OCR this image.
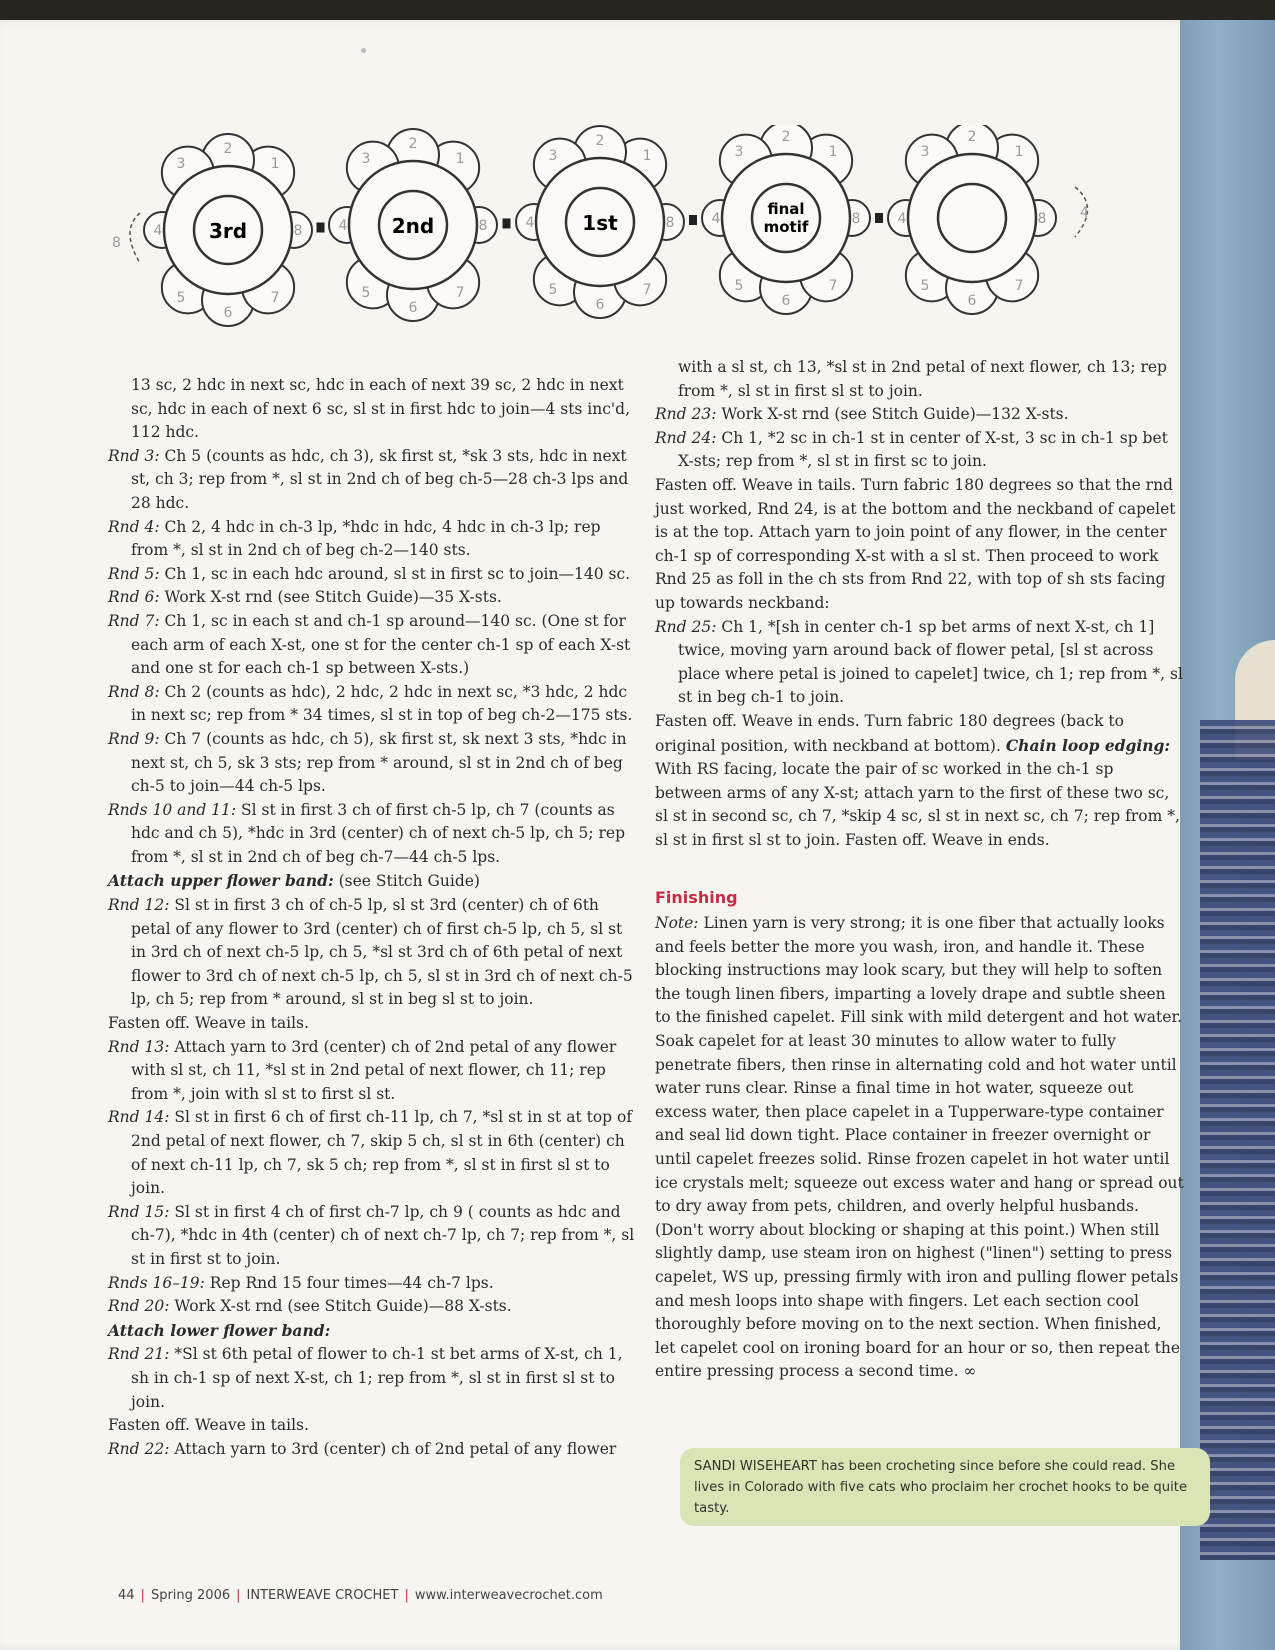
1
2
3
4
5
6
7
8
3rd
1
2
3
4
5
6
7
8
2nd
1
2
3
4
5
6
7
8
1st
1
2
3
4
5
6
7
8
final
motif
1
2
3
4
5
6
7
8
8
4

13 sc, 2 hdc in next sc, hdc in each of next 39 sc, 2 hdc in next sc, hdc in each of next 6 sc, sl st in first hdc to join—4 sts inc'd, 112 hdc.

Rnd 3: Ch 5 (counts as hdc, ch 3), sk first st, *sk 3 sts, hdc in next st, ch 3; rep from *, sl st in 2nd ch of beg ch-5—28 ch-3 lps and 28 hdc.

Rnd 4: Ch 2, 4 hdc in ch-3 lp, *hdc in hdc, 4 hdc in ch-3 lp; rep from *, sl st in 2nd ch of beg ch-2—140 sts.

Rnd 5: Ch 1, sc in each hdc around, sl st in first sc to join—140 sc.

Rnd 6: Work X-st rnd (see Stitch Guide)—35 X-sts.

Rnd 7: Ch 1, sc in each st and ch-1 sp around—140 sc. (One st for each arm of each X-st, one st for the center ch-1 sp of each X-st and one st for each ch-1 sp between X-sts.)

Rnd 8: Ch 2 (counts as hdc), 2 hdc, 2 hdc in next sc, *3 hdc, 2 hdc in next sc; rep from * 34 times, sl st in top of beg ch-2—175 sts.

Rnd 9: Ch 7 (counts as hdc, ch 5), sk first st, sk next 3 sts, *hdc in next st, ch 5, sk 3 sts; rep from * around, sl st in 2nd ch of beg ch-5 to join—44 ch-5 lps.

Rnds 10 and 11: Sl st in first 3 ch of first ch-5 lp, ch 7 (counts as hdc and ch 5), *hdc in 3rd (center) ch of next ch-5 lp, ch 5; rep from *, sl st in 2nd ch of beg ch-7—44 ch-5 lps.

Attach upper flower band: (see Stitch Guide)

Rnd 12: Sl st in first 3 ch of ch-5 lp, sl st 3rd (center) ch of 6th petal of any flower to 3rd (center) ch of first ch-5 lp, ch 5, sl st in 3rd ch of next ch-5 lp, ch 5, *sl st 3rd ch of 6th petal of next flower to 3rd ch of next ch-5 lp, ch 5, sl st in 3rd ch of next ch-5 lp, ch 5; rep from * around, sl st in beg sl st to join.

Fasten off. Weave in tails.

Rnd 13: Attach yarn to 3rd (center) ch of 2nd petal of any flower with sl st, ch 11, *sl st in 2nd petal of next flower, ch 11; rep from *, join with sl st to first sl st.

Rnd 14: Sl st in first 6 ch of first ch-11 lp, ch 7, *sl st in st at top of 2nd petal of next flower, ch 7, skip 5 ch, sl st in 6th (center) ch of next ch-11 lp, ch 7, sk 5 ch; rep from *, sl st in first sl st to join.

Rnd 15: Sl st in first 4 ch of first ch-7 lp, ch 9 ( counts as hdc and ch-7), *hdc in 4th (center) ch of next ch-7 lp, ch 7; rep from *, sl st in first st to join.

Rnds 16–19: Rep Rnd 15 four times—44 ch-7 lps.

Rnd 20: Work X-st rnd (see Stitch Guide)—88 X-sts.

Attach lower flower band:

Rnd 21: *Sl st 6th petal of flower to ch-1 st bet arms of X-st, ch 1, sh in ch-1 sp of next X-st, ch 1; rep from *, sl st in first sl st to join.

Fasten off. Weave in tails.

Rnd 22: Attach yarn to 3rd (center) ch of 2nd petal of any flower

with a sl st, ch 13, *sl st in 2nd petal of next flower, ch 13; rep from *, sl st in first sl st to join.

Rnd 23: Work X-st rnd (see Stitch Guide)—132 X-sts.

Rnd 24: Ch 1, *2 sc in ch-1 st in center of X-st, 3 sc in ch-1 sp bet X-sts; rep from *, sl st in first sc to join.

Fasten off. Weave in tails. Turn fabric 180 degrees so that the rnd just worked, Rnd 24, is at the bottom and the neckband of capelet is at the top. Attach yarn to join point of any flower, in the center ch-1 sp of corresponding X-st with a sl st. Then proceed to work Rnd 25 as foll in the ch sts from Rnd 22, with top of sh sts facing up towards neckband:

Rnd 25: Ch 1, *[sh in center ch-1 sp bet arms of next X-st, ch 1] twice, moving yarn around back of flower petal, [sl st across place where petal is joined to capelet] twice, ch 1; rep from *, sl st in beg ch-1 to join.

Fasten off. Weave in ends. Turn fabric 180 degrees (back to original position, with neckband at bottom). Chain loop edging: With RS facing, locate the pair of sc worked in the ch-1 sp between arms of any X-st; attach yarn to the first of these two sc, sl st in second sc, ch 7, *skip 4 sc, sl st in next sc, ch 7; rep from *, sl st in first sl st to join. Fasten off. Weave in ends.

Finishing

Note: Linen yarn is very strong; it is one fiber that actually looks and feels better the more you wash, iron, and handle it. These blocking instructions may look scary, but they will help to soften the tough linen fibers, imparting a lovely drape and subtle sheen to the finished capelet. Fill sink with mild detergent and hot water. Soak capelet for at least 30 minutes to allow water to fully penetrate fibers, then rinse in alternating cold and hot water until water runs clear. Rinse a final time in hot water, squeeze out excess water, then place capelet in a Tupperware-type container and seal lid down tight. Place container in freezer overnight or until capelet freezes solid. Rinse frozen capelet in hot water until ice crystals melt; squeeze out excess water and hang or spread out to dry away from pets, children, and overly helpful husbands. (Don't worry about blocking or shaping at this point.) When still slightly damp, use steam iron on highest ("linen") setting to press capelet, WS up, pressing firmly with iron and pulling flower petals and mesh loops into shape with fingers. Let each section cool thoroughly before moving on to the next section. When finished, let capelet cool on ironing board for an hour or so, then repeat the entire pressing process a second time. ∞

SANDI WISEHEART has been crocheting since before she could read. She lives in Colorado with five cats who proclaim her crochet hooks to be quite tasty.
44 | Spring 2006 | INTERWEAVE CROCHET | www.interweavecrochet.com
